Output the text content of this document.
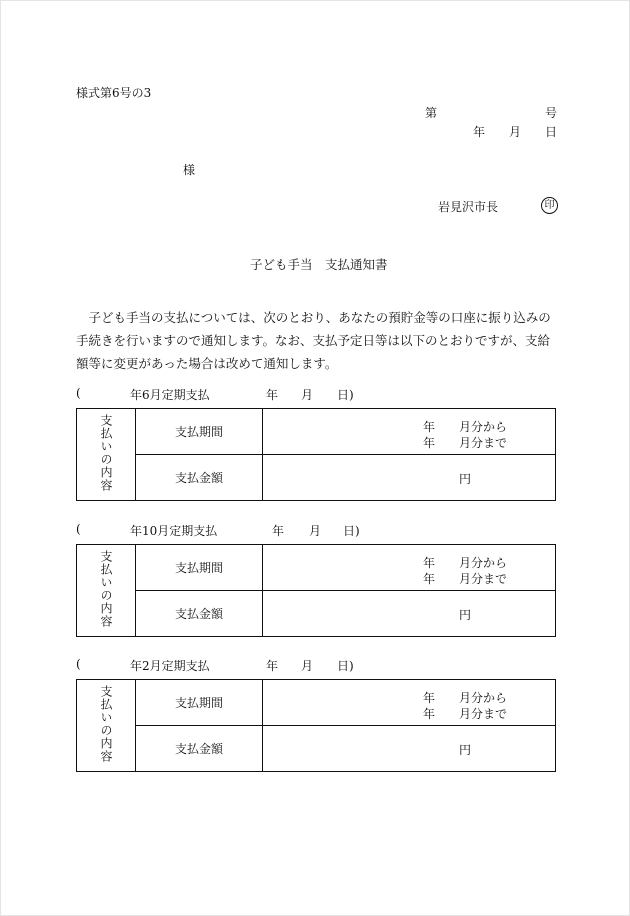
様式第6号の3
第	号
年 月 日
様
岩見沢市長	印
子ども手当　支払通知書
子ども手当の支払については、次のとおり、あなたの預貯金等の口座に振り込みの手続きを行いますので通知します。なお、支払予定日等は以下のとおりですが、支給額等に変更があった場合は改めて通知します。
(	年6月定期支払	年 月 日)
支払いの内容	支払期間	年　　月分から
年　　月分まで

	支払金額	円
(	年10月定期支払	年 月 日)
支払いの内容	支払期間	年　　月分から
年　　月分まで

	支払金額	円
(	年2月定期支払	年 月 日)
支払いの内容	支払期間	年　　月分から
年　　月分まで

	支払金額	円
